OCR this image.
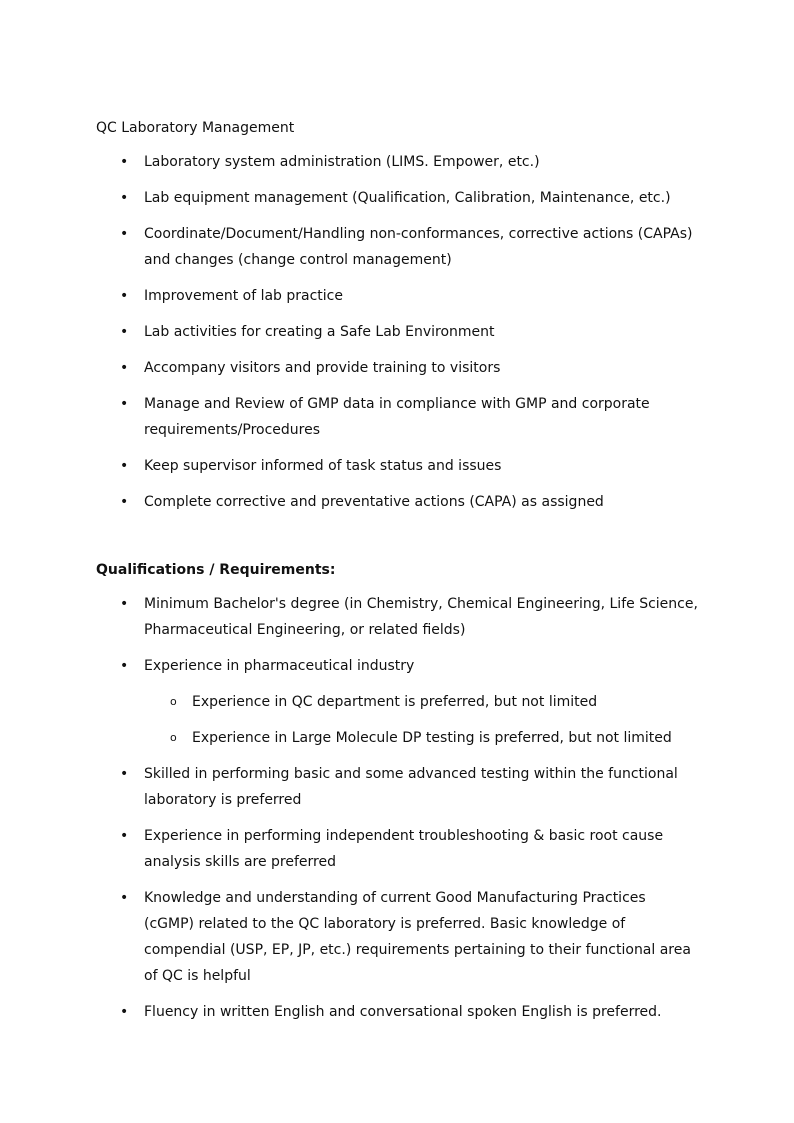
QC Laboratory Management

• Laboratory system administration (LIMS. Empower, etc.)
• Lab equipment management (Qualification, Calibration, Maintenance, etc.)
• Coordinate/Document/Handling non-conformances, corrective actions (CAPAs) and changes (change control management)
• Improvement of lab practice
• Lab activities for creating a Safe Lab Environment
• Accompany visitors and provide training to visitors
• Manage and Review of GMP data in compliance with GMP and corporate requirements/Procedures
• Keep supervisor informed of task status and issues
• Complete corrective and preventative actions (CAPA) as assigned

Qualifications / Requirements:

• Minimum Bachelor's degree (in Chemistry, Chemical Engineering, Life Science, Pharmaceutical Engineering, or related fields)
• Experience in pharmaceutical industry
o Experience in QC department is preferred, but not limited
o Experience in Large Molecule DP testing is preferred, but not limited
• Skilled in performing basic and some advanced testing within the functional laboratory is preferred
• Experience in performing independent troubleshooting & basic root cause analysis skills are preferred
• Knowledge and understanding of current Good Manufacturing Practices (cGMP) related to the QC laboratory is preferred. Basic knowledge of compendial (USP, EP, JP, etc.) requirements pertaining to their functional area of QC is helpful
• Fluency in written English and conversational spoken English is preferred.
